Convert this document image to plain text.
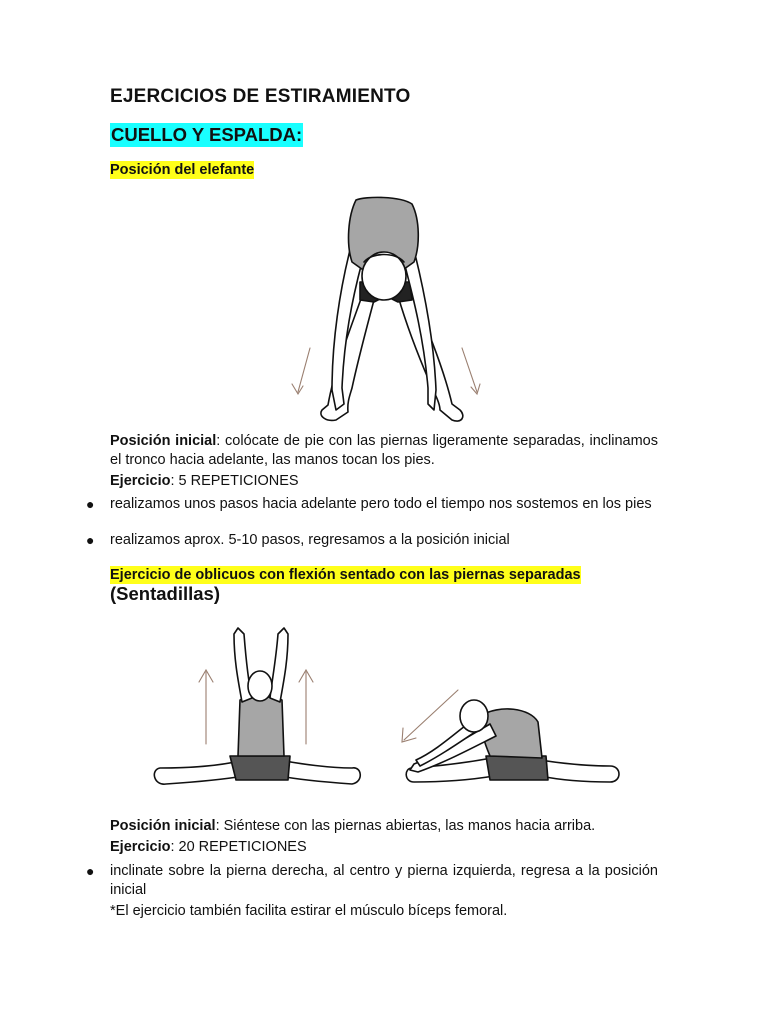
EJERCICIOS DE ESTIRAMIENTO
CUELLO Y ESPALDA:
Posición del elefante
Posición inicial: colócate de pie con las piernas ligeramente separadas, inclinamos el tronco hacia adelante, las manos tocan los pies.
Ejercicio: 5 REPETICIONES
● realizamos unos pasos hacia adelante pero todo el tiempo nos sostemos en los pies
● realizamos aprox. 5-10 pasos, regresamos a la posición inicial
Ejercicio de oblicuos con flexión sentado con las piernas separadas
(Sentadillas)
Posición inicial: Siéntese con las piernas abiertas, las manos hacia arriba.
Ejercicio: 20 REPETICIONES
● inclinate sobre la pierna derecha, al centro y pierna izquierda, regresa a la posición inicial
*El ejercicio también facilita estirar el músculo bíceps femoral.
